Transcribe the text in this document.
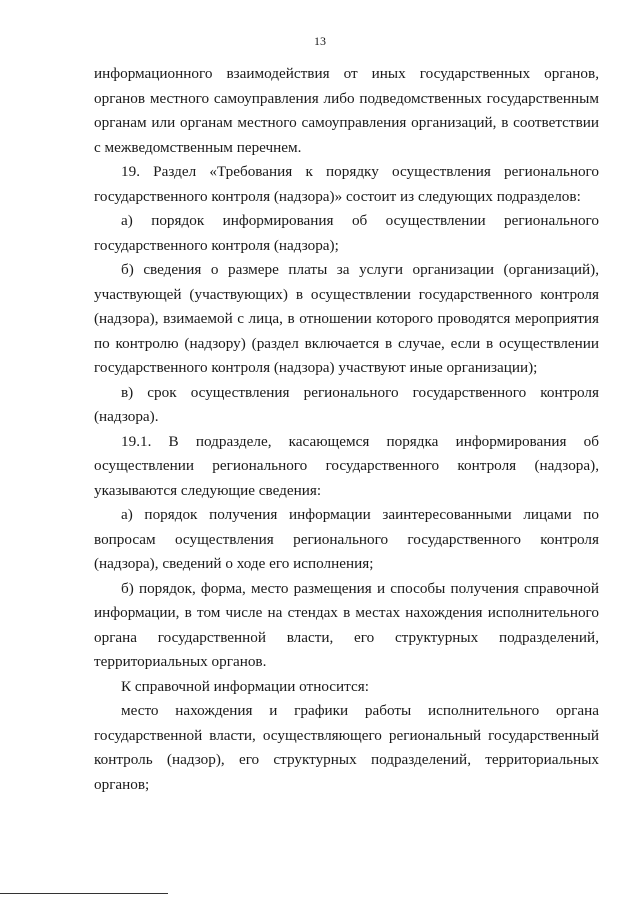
13

информационного взаимодействия от иных государственных органов, органов местного самоуправления либо подведомственных государственным органам или органам местного самоуправления организаций, в соответствии с межведомственным перечнем.

19. Раздел «Требования к порядку осуществления регионального государственного контроля (надзора)» состоит из следующих подразделов:

а) порядок информирования об осуществлении регионального государственного контроля (надзора);

б) сведения о размере платы за услуги организации (организаций), участвующей (участвующих) в осуществлении государственного контроля (надзора), взимаемой с лица, в отношении которого проводятся мероприятия по контролю (надзору) (раздел включается в случае, если в осуществлении государственного контроля (надзора) участвуют иные организации);

в) срок осуществления регионального государственного контроля (надзора).

19.1. В подразделе, касающемся порядка информирования об осуществлении регионального государственного контроля (надзора), указываются следующие сведения:

а) порядок получения информации заинтересованными лицами по вопросам осуществления регионального государственного контроля (надзора), сведений о ходе его исполнения;

б) порядок, форма, место размещения и способы получения справочной информации, в том числе на стендах в местах нахождения исполнительного органа государственной власти, его структурных подразделений, территориальных органов.

К справочной информации относится:

место нахождения и графики работы исполнительного органа государственной власти, осуществляющего региональный государственный контроль (надзор), его структурных подразделений, территориальных органов;
